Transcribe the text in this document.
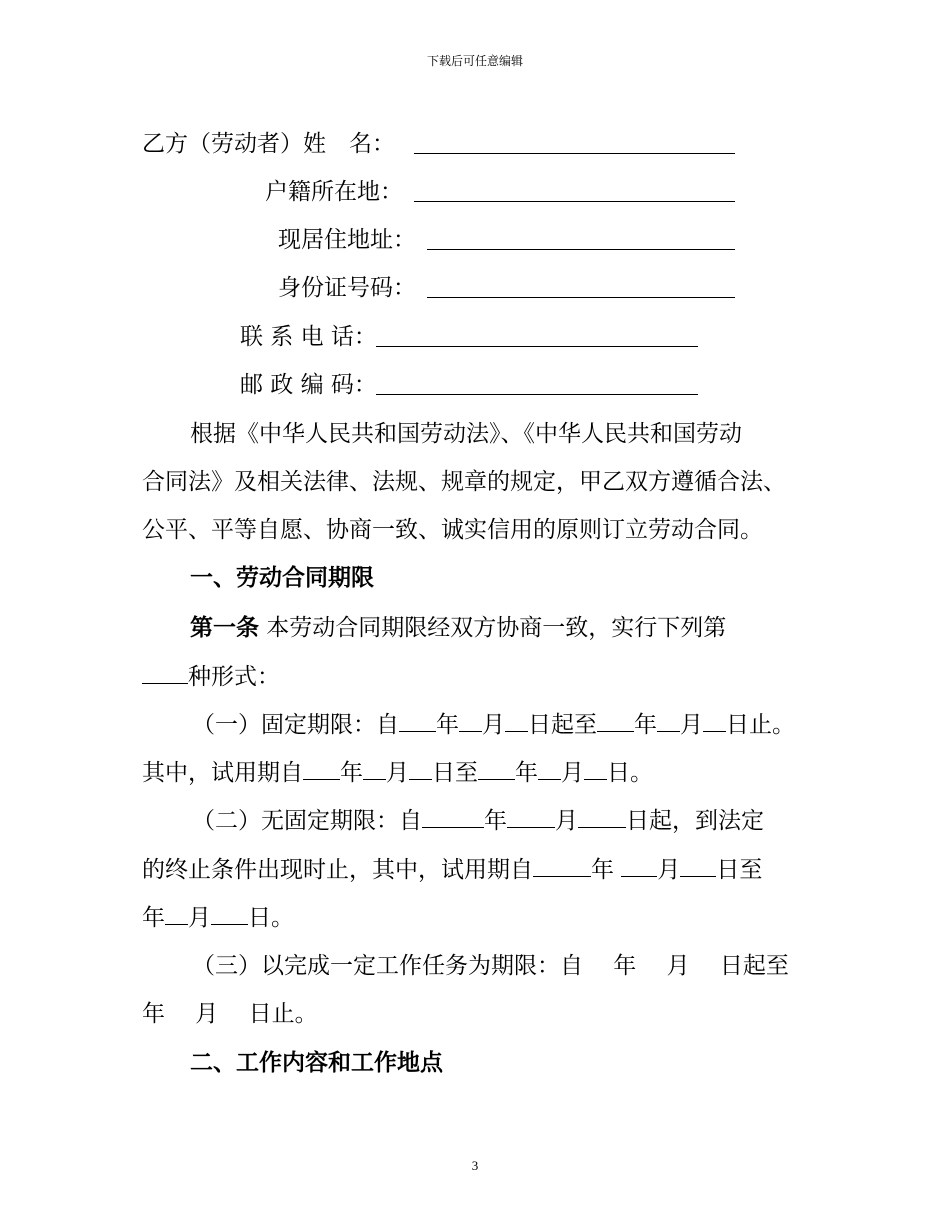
下载后可任意编辑
乙方（劳动者）姓　名：
户籍所在地：
现居住地址：
身份证号码：
联 系 电 话：
邮 政 编 码：
根据《中华人民共和国劳动法》、《中华人民共和国劳动
合同法》及相关法律、法规、规章的规定，甲乙双方遵循合法、
公平、平等自愿、协商一致、诚实信用的原则订立劳动合同。
一、劳动合同期限
第一条 本劳动合同期限经双方协商一致，实行下列第
种形式：
（一）固定期限：自 年 月 日起至 年 月 日止。
其中，试用期自 年 月 日至 年 月 日。
（二）无固定期限：自	年 月 日起，到法定
的终止条件出现时止，其中，试用期自	年 月 日至
年 月 日。
（三）以完成一定工作任务为期限：自　 年　 月　 日起至
年　 月　 日止。
二、工作内容和工作地点
3
